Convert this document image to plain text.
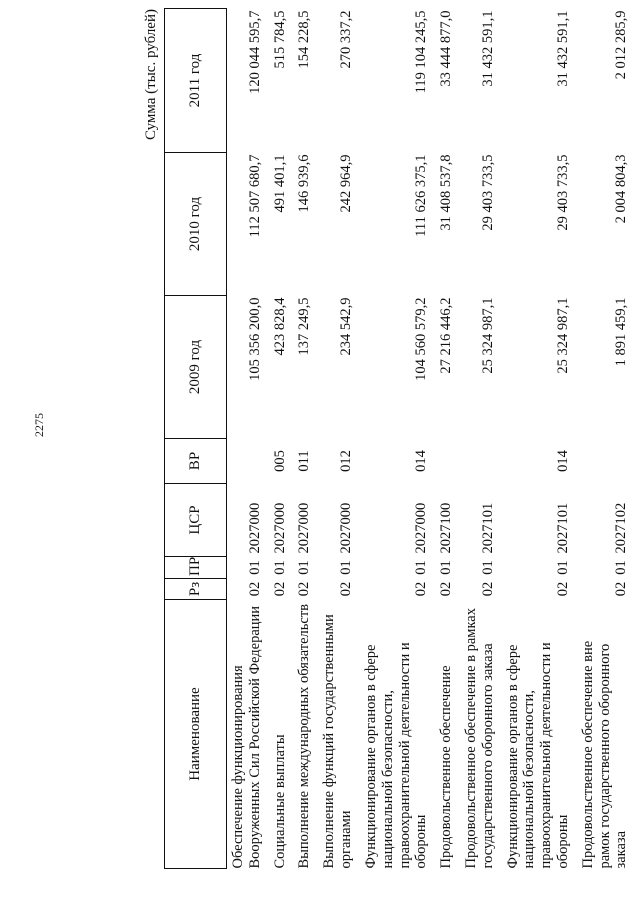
2275
Сумма (тыс. рублей)
Наименование	Рз	ПР	ЦСР	ВР	2009 год	2010 год	2011 год
Обеспечение функционирования Вооруженных Сил Российской Федерации	02	01	2027000		105 356 200,0	112 507 680,7	120 044 595,7
Социальные выплаты	02	01	2027000	005	423 828,4	491 401,1	515 784,5
Выполнение международных обязательств	02	01	2027000	011	137 249,5	146 939,6	154 228,5
Выполнение функций государственными органами	02	01	2027000	012	234 542,9	242 964,9	270 337,2
Функционирование органов в сфере национальной безопасности, правоохранительной деятельности и обороны	02	01	2027000	014	104 560 579,2	111 626 375,1	119 104 245,5
Продовольственное обеспечение	02	01	2027100		27 216 446,2	31 408 537,8	33 444 877,0
Продовольственное обеспечение в рамках государственного оборонного заказа	02	01	2027101		25 324 987,1	29 403 733,5	31 432 591,1
Функционирование органов в сфере национальной безопасности, правоохранительной деятельности и обороны	02	01	2027101	014	25 324 987,1	29 403 733,5	31 432 591,1
Продовольственное обеспечение вне рамок государственного оборонного заказа	02	01	2027102		1 891 459,1	2 004 804,3	2 012 285,9
